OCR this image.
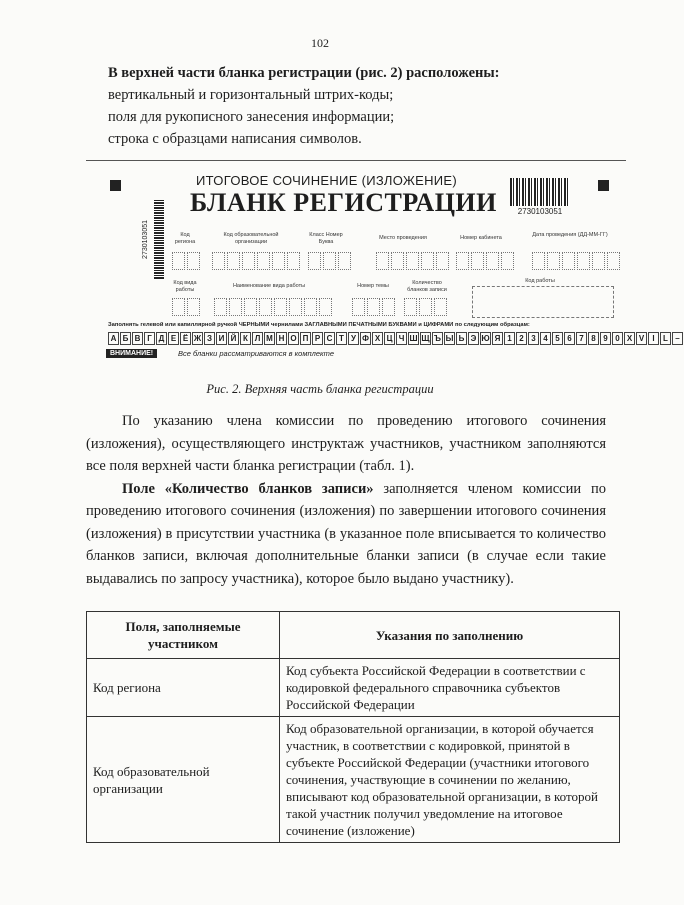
102

В верхней части бланка регистрации (рис. 2) расположены:

вертикальный и горизонтальный штрих-коды;

поля для рукописного занесения информации;

строка с образцами написания символов.

2730103051
2730103051
ИТОГОВОЕ СОЧИНЕНИЕ (ИЗЛОЖЕНИЕ)
БЛАНК РЕГИСТРАЦИИ
Код региона
Код образовательной организации
Класс Номер Буква
Место проведения	Номер кабинета	Дата проведения (ДД-ММ-ГГ)
Код вида работы
Наименование вида работы	Номер темы	Количество бланков записи
Код работы
Заполнять гелевой или капиллярной ручкой ЧЕРНЫМИ чернилами ЗАГЛАВНЫМИ ПЕЧАТНЫМИ БУКВАМИ и ЦИФРАМИ по следующим образцам:
А Б В Г Д Е Ё Ж З И Й К Л М Н О П Р С Т У Ф Х Ц Ч Ш Щ Ъ Ы Ь Э Ю Я 1 2 3 4 5 6 7 8 9 0 X V	I	L –
ВНИМАНИЕ!	Все бланки рассматриваются в комплекте
Рис. 2. Верхняя часть бланка регистрации

По указанию члена комиссии по проведению итогового сочинения (изложения), осуществляющего инструктаж участников, участником заполняются все поля верхней части бланка регистрации (табл. 1).

Поле «Количество бланков записи» заполняется членом комиссии по проведению итогового сочинения (изложения) по завершении итогового сочинения (изложения) в присутствии участника (в указанное поле вписывается то количество бланков записи, включая дополнительные бланки записи (в случае если такие выдавались по запросу участника), которое было выдано участнику).

Поля, заполняемые участником	Указания по заполнению
Код региона	Код субъекта Российской Федерации в соответствии с кодировкой федерального справочника субъектов Российской Федерации
Код образовательной организации	Код образовательной организации, в которой обучается участник, в соответствии с кодировкой, принятой в субъекте Российской Федерации (участники итогового сочинения, участвующие в сочинении по желанию, вписывают код образовательной организации, в которой такой участник получил уведомление на итоговое сочинение (изложение)
